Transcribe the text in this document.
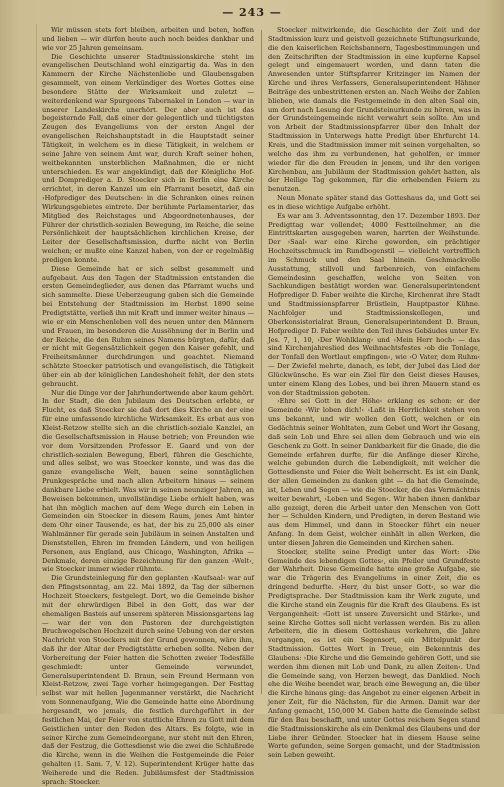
— 243 —

Wir müssen stets fort bleiben, arbeiten und beten, hoffen und lieben — wir dürfen heute auch noch beides dankbar und wie vor 25 Jahren gemeinsam.

Die Geschichte unserer Stadtmissionskirche steht im evangelischen Deutschland wohl einzigartig da. Was in den Kammern der Kirche Nächstenliebe und Glaubensgaben gesammelt, von einem Verkündiger des Wortes Gottes eine besondere Stätte der Wirksamkeit und zuletzt — weiterdenkend war Spurgeons Tabernakel in London — war in unserer Landeskirche unerhört. Der aber auch ist das begeisternde Fall, daß einer der gelegentlich und tüchtigsten Zeugen des Evangeliums von der ersten Angel der evangelischen Reichshauptstadt in die Hauptstadt seiner Tätigkeit, in welchem es in diese Tätigkeit, in welchem er seine Jahre von seinem Amt war, durch Kraft seiner hohen, weitbekannten unsterblichen Maßnahmen, die er nicht unterschieden. Es war angekündigt, daß der Königliche Hof- und Domprediger a. D. Stoecker sich in Berlin eine Kirche errichtet, in deren Kanzel um ein Pfarramt besetzt, daß ein ›Hofprediger des Deutschen‹ in die Schranken eines reinen Wirkungsgebietes eintrete. Der berühmte Parlamentarier, das Mitglied des Reichstages und Abgeordnetenhauses, der Führer der christlich-sozialen Bewegung, im Reiche, die seine Persönlichkeit der hauptsächlichen kirchlichen Kreise, der Leiter der Gesellschaftsmission, durfte nicht von Berlin weichen; er mußte eine Kanzel haben, von der er regelmäßig predigen konnte.

Diese Gemeinde hat er sich selbst gesammelt und aufgebaut. Aus den Tagen der Stadtmission entstanden die ersten Gemeindeglieder, aus denen das Pfarramt wuchs und sich sammelte. Diese Ueberzeugung gaben sich die Gemeinde bei Entstehung der Stadtmission im Herbst 1890 seine Predigtstätte, verließ ihn mit Kraft und immer weiter hinaus — wie er ein Menschenleben voll des neuen unter den Männern und Frauen, im besonderen die Aussöhnung der in Berlin und der Reiche, die den Ruhm seines Namens bürgten, dafür, daß er nicht mit Gegensätzlichkeit gegen den Kaiser gefehlt, und Freiheitsmänner durchdrungen und geachtet. Niemand schätzte Stoecker patriotisch und evangelistisch, die Tätigkeit über ein ab der königlichen Landeshoheit fehlt, der den stets gebraucht.

Nur die Dinge vor der Jahrhundertwende aber kaum gehört. In der Stadt, die den Jubilaum des Deutschen erlebte, er Flucht, es daß Stoecker sie daß dort dies Kirche an der eine für eine umfassende kirchliche Wirksamkeit. Es erbat aus von Kleist-Retzow stellte sich an die christlich-soziale Kanzlei, an die Gesellschaftsmission in Hause betrieb; von Freunden wie vor dem Vorsitzenden Professor E. Gaard und von der christlich-sozialen Bewegung, Eberl, führen die Geschichte, und alles selbst, wo was Stoecker konnte, und was das die ganze evangelische Welt, bauen seine sonntäglichen Prunkgespräche und nach allen Arbeitern hinaus — seinem dankbare Liebe erhielt. Was wir in seinen neunziger Jahren, an Beweisen bekommen, unvollständige Liebe erhielt haben, was hat ihn möglich machen auf dem Wege durch ein Leben in Gemeinden ein Stoecker in diesem Raum, jenes Amt hinter dem Ohr einer Tausende, es hat, der bis zu 25,000 als einer Wahlmänner für gerade sein Jubiläum in seinen Anstalten und Dienststellen, Ehren im fremden Ländern, und von heiligen Personen, aus England, aus Chicago, Washington, Afrika — Denkmale, deren einzige Bezeichnung für den ganzen ›Welt‹, wie Stoecker immer wieder rühmte.

Die Grundsteinlegung für den geplanten ›Kaufsaal‹ war auf den Pfingstsonntag, am 22. Mai 1892, da Tag der silbernen Hochzeit Stoeckers, festgelegt. Dort, wo die Gemeinde bisher mit der ehrwürdigen Bibel in den Gott, das war der ehemaligen Basteis auf unserem späteren Missionsgartens lag — war der von den Pastoren der durchgeistigten Bruchwogelschen Hochzeit durch seine Uebung von der ersten Nachricht von Stoeckers mit der Grund gewonnen, wäre ihm, daß ihr der Altar der Predigtstätte erheben sollte. Neben der Vorbereitung der Feier hatten die Schotten zweier Todesfälle geschmiedt: unter Gemeinde verwundet, Generalsuperintendent D. Braun, sein Freund Hermann von Kleist-Retzow, zwei Tage vorher heimgegangen. Der Festtag selbst war mit hellen Jugenmanner verstärkt, die Nachricht vom Sonnenaufgang, Wie die Gemeinde hatte eine Abordnung hergesandt, wo jemals, die festlich durchgeführt in der festlichen Mai, der Feier von stattliche Ehren zu Gott mit dem Geistlichen unter den Reden des Altars. Es folgte, wie in seiner Kirche zum Gemeindeorgane, nur steht mit den Ehren, daß der Festzug, die Gottesdienst wie die zwei die Schlußrede die Kirche, wenn in die Weihen die Festgemeinde die Feier gehalten (1. Sam. 7, V. 12). Superintendent Krüger hatte das Weiherede und die Reden. Jubiläumsfest der Stadtmission sprach: Stoecker.

Stoecker mitwirkende, die Geschichte der Zeit und der Stadtmission kurz und geistvoll gezeichnete Stiftungsurkunde, die den kaiserlichen Reichsbannern, Tagesbestimmungen und den Zeitschriften der Stadtmission in eine kupferne Kapsel gelegt und eingemauert worden, und dann taten die Anwesenden unter Stiftspfarrer Kritzinger im Namen der Kirche und ihres Verfassers, Generalsuperintendent Hähner Beiträge des unbestrittenen ersten an. Nach Weihe der Zahlen blieben, wie damals die Festgemeinde in den alten Saal ein, um dort nach Lesung der Grundsteinurkunde zu hören, was in der Grundsteingemeinde nicht verwahrt sein sollte. Am und von Arbeit der Stadtmissionspfarrer über den Inhalt der Stadtmission in Unterwegs hatte Predigt über Ehrfurcht 14. Kreis, und die Stadtmission immer mit seinen vorgehalten, so welche das ihm zu verbundenen, hat geholfen, er immer wieder für die den Freuden in jenem, und ihr den vorigen Kirchenbau, am Jubiläum der Stadtmission gehört hatten, als der Heilige Tag gekommen, für die erhebenden Feiern zu benutzen.

Neun Monate später stand das Gotteshaus da, und Gott sei es in diese wichtige Aufgabe erhöht.

Es war am 3. Adventssonntag, den 17. Dezember 1893. Der Predigttag war vollendet; 4000 Festteilnehmer, an die Eintrittskarten ausgegeben waren, harrten der Weihstunde. Der ›Saal‹ war eine Kirche geworden, ein prächtiger Hochzeitsschmuck im Rundbogenstil — vielleicht vortrefflich im Schmuck und den Saal hinein. Geschmackvolle Ausstattung, stillvoll und farbenreich, von einfachem Gemeindesinn geschaffen, welche von Seiten von Sachkundigen bestätigt worden war. Generalsuperintendent Hofprediger D. Faber weihte die Kirche, Kirchenrat ihre Stadt und Stadtmissionspfarrer Brüstlein, Hauptpastor Kühne. Nachfolger und Stadtmissionskollegen, und Oberkonsistorialrat Braun, Generalsuperintendent D. Braun, Hofprediger D. Faber weihte den Teil ihres Gebäudes unter Ev. Jes. 7, 1, 10, ›Der Wohlklang‹ und ›Mein Herr hoch‹ — das sind Kirchenjahreslied des Weihnachtsfestes ›ob die Tonlage, der Tonfall den Wortlaut empfingen‹, wie ›O Vater, dem Ruhm‹ — Der Zwiefel mehrte, danach, es lebt, der Jubel das Lied der Glückwünsche. Es war ein Ziel für den Geist dieses Hauses, unter einem Klang des Lobes, und bei ihren Mauern stand es von der Stadtmission geboten.

›Ehre sei Gott in der Höhe‹ erklang es schon: er der Gemeinde ›Wir loben dich!‹ ›Laßt in Herrlichkeit stehen von uns bekannt, und wir wollen den Gott, welchen er ein Gedächtnis seiner Wohltaten, zum Gebet und Wort ihr Gesang, daß sein Lob und Ehre sei allen dem Gebrauch und wie ein Geschenk zu Gott. In seiner Dankbarkeit für die Gnade, die die Gemeinde erfahren durfte, für die Anfänge dieser Kirche, welche gebunden durch die Lebendigkeit, mit welcher die Gottesdienste und Feier die Welt beherrscht. Es ist ein Dank, der allen Gemeinden zu danken gibt — da hat die Gemeinde, ist, Leben und Segen — wie die Stoecker, die das Vermächtnis weiter bewahrt, ›Leben und Segen‹. Wir haben ihnen dankbar alle gezeigt, deren die Arbeit unter den Menschen von Gott her — Schulden Kindern, und Predigten, in deren Bestand wie aus dem Himmel, und dann in Stoecker führt ein neuer Anfang. In dem Geist, welcher einhält in allen Werken, die unter diesen Jahren die Gemeinden und Kirchen sahen.

Stoecker, stellte seine Predigt unter das Wort: ›Die Gemeinde des lebendigen Gottes‹, ein Pfeiler und Grundfeste der Wahrheit. Diese Gemeinde hatte eine große Aufgabe, sie war die Trägerin des Evangeliums in einer Zeit, die es dringend bedurfte. ›Herr, du bist unser Gott‹, so war die Predigtsprache. Der Stadtmission kam ihr Werk zugute, und die Kirche stand ein Zeugnis für die Kraft des Glaubens. Es ist Vergangenheit: ›Gott ist unsere Zuversicht und Stärke‹, und seine Kirche Gottes soll nicht verlassen werden. Bis zu allen Arbeitern, die in diesem Gotteshaus verkehren, die Jahre vergangen, es ist ein Segensort, ein Mittelpunkt der Stadtmission. Gottes Wort in Treue, ein Bekenntnis des Glaubens: ›Die Kirche und die Gemeinde gehören Gott, und sie werden ihm dienen mit Lob und Dank, zu allen Zeiten‹. Und die Gemeinde sang, von Herzen bewegt, das Danklied. Noch ehe die Weihe beendet war, brach eine Bewegung an, die über die Kirche hinaus ging: das Angebot zu einer eigenen Arbeit in jener Zeit, für die Nächsten, für die Armen. Damit war der Anfang gemacht, 150,000 M. Gaben hatte die Gemeinde selbst für den Bau beschafft, und unter Gottes reichem Segen stand die Stadtmissionskirche als ein Denkmal des Glaubens und der Liebe ihrer Gründer. Stoecker hat in diesem Hause seine Worte gefunden, seine Sorgen gemacht, und der Stadtmission sein Leben geweiht.
